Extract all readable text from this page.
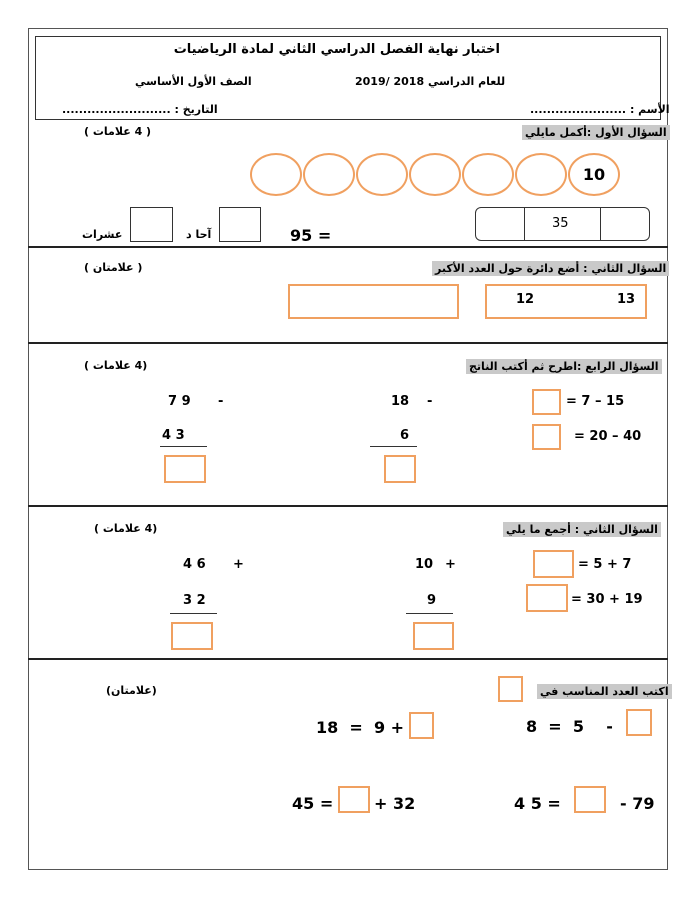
اختبار نهاية الفصل الدراسي الثاني لمادة الرياضيات
الصف الأول الأساسي	للعام الدراسي 2018 /2019
التاريخ : ..........................	الأسم : .......................
السؤال الأول :أكمل مايلي
( 4 علامات )
10
35
95 =
آحا د
عشرات
السؤال الثاني : أضع دائرة حول العدد الأكبر
( علامتان )
12	13
السؤال الرابع :اطرح ثم أكتب الناتج
(4 علامات )
15 – 7 =
40 – 20 =
18 -
6
7 9 -
4 3
السؤال الثاني : أجمع ما يلي
(4 علامات )
7 + 5 =
19 + 30 =
10 +
9
4 6 +
3 2
اكتب العدد المناسب في
(علامتان)
8  =  5    -
18  =  9 +
4 5 =	- 79
45 =	+ 32
